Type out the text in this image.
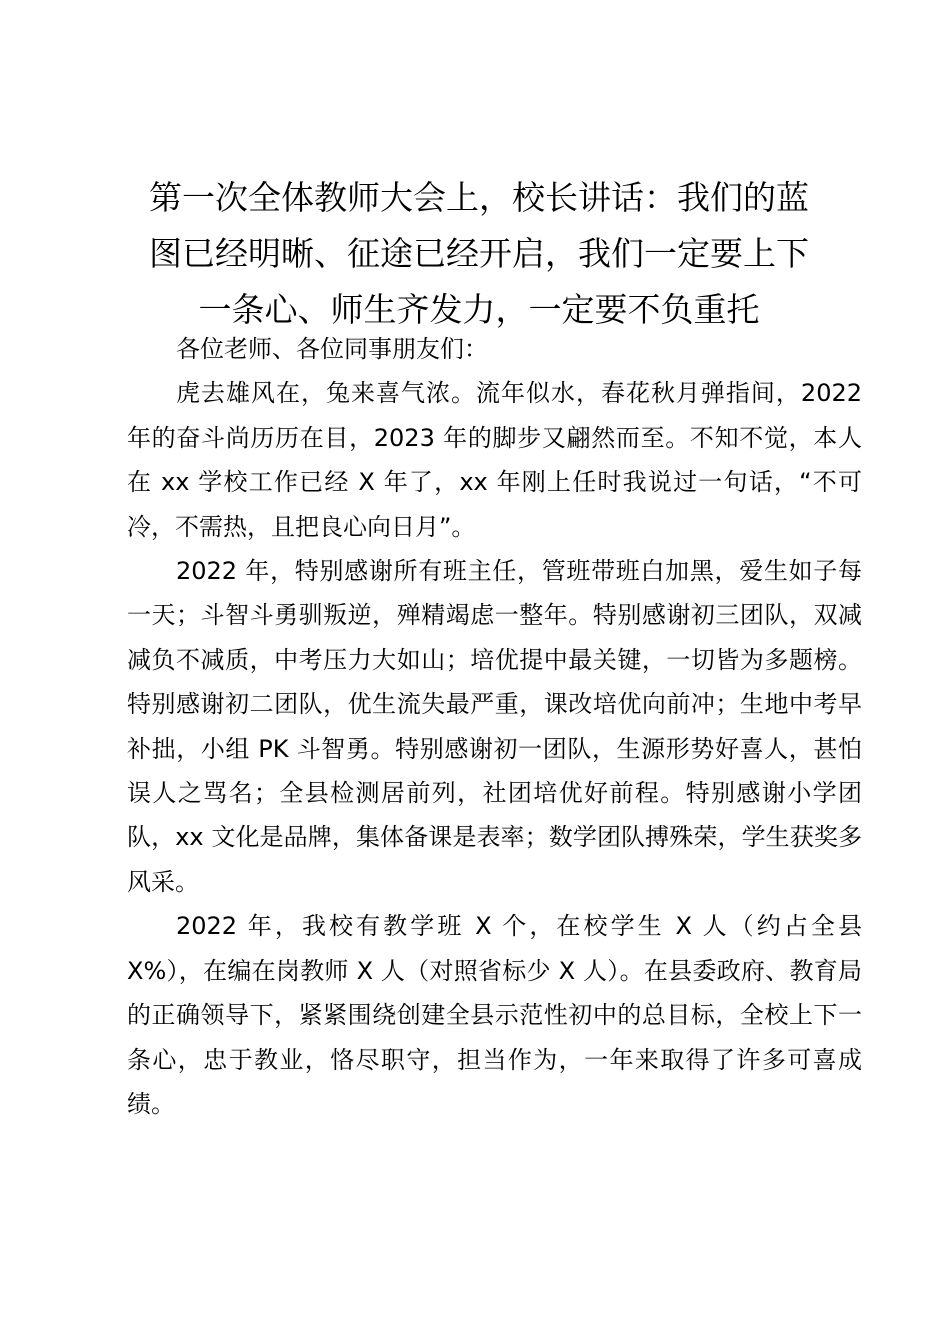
第一次全体教师大会上，校长讲话：我们的蓝
图已经明晰、征途已经开启，我们一定要上下
一条心、师生齐发力，一定要不负重托

各位老师、各位同事朋友们：

虎去雄风在，兔来喜气浓。流年似水，春花秋月弹指间，2022 年的奋斗尚历历在目，2023 年的脚步又翩然而至。不知不觉，本人在 xx 学校工作已经 X 年了，xx 年刚上任时我说过一句话，“不可冷，不需热，且把良心向日月”。

2022 年，特别感谢所有班主任，管班带班白加黑，爱生如子每一天；斗智斗勇驯叛逆，殚精竭虑一整年。特别感谢初三团队，双减减负不减质，中考压力大如山；培优提中最关键，一切皆为多题榜。特别感谢初二团队，优生流失最严重，课改培优向前冲；生地中考早补拙，小组 PK 斗智勇。特别感谢初一团队，生源形势好喜人，甚怕误人之骂名；全县检测居前列，社团培优好前程。特别感谢小学团队，xx 文化是品牌，集体备课是表率；数学团队搏殊荣，学生获奖多风采。

2022 年，我校有教学班 X 个，在校学生 X 人（约占全县 X%），在编在岗教师 X 人（对照省标少 X 人）。在县委政府、教育局的正确领导下，紧紧围绕创建全县示范性初中的总目标，全校上下一条心，忠于教业，恪尽职守，担当作为，一年来取得了许多可喜成绩。
